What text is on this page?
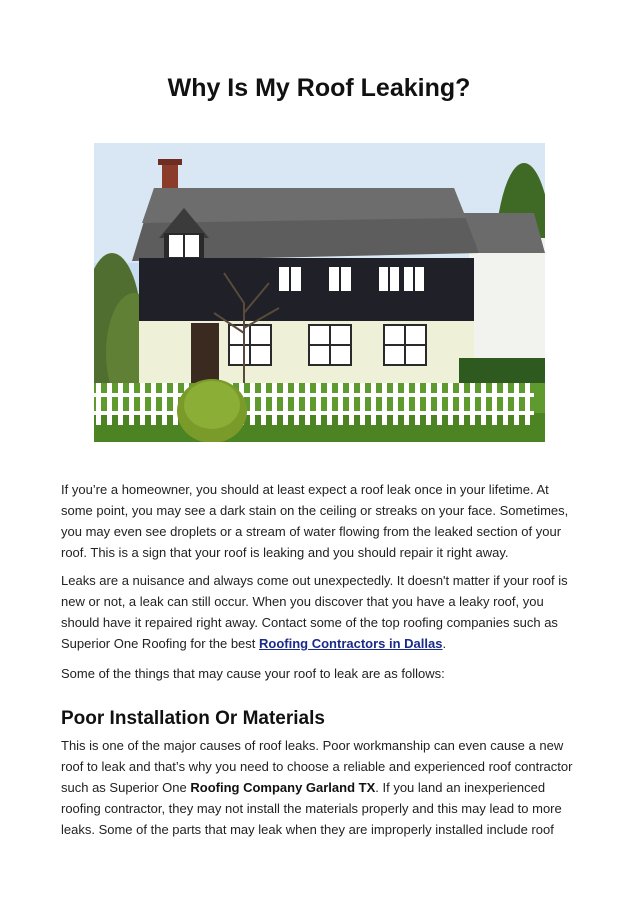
Why Is My Roof Leaking?

If you’re a homeowner, you should at least expect a roof leak once in your lifetime. At some point, you may see a dark stain on the ceiling or streaks on your face. Sometimes, you may even see droplets or a stream of water flowing from the leaked section of your roof. This is a sign that your roof is leaking and you should repair it right away.

Leaks are a nuisance and always come out unexpectedly. It doesn't matter if your roof is new or not, a leak can still occur. When you discover that you have a leaky roof, you should have it repaired right away. Contact some of the top roofing companies such as Superior One Roofing for the best Roofing Contractors in Dallas.

Some of the things that may cause your roof to leak are as follows:

Poor Installation Or Materials

This is one of the major causes of roof leaks. Poor workmanship can even cause a new roof to leak and that’s why you need to choose a reliable and experienced roof contractor such as Superior One Roofing Company Garland TX. If you land an inexperienced roofing contractor, they may not install the materials properly and this may lead to more leaks. Some of the parts that may leak when they are improperly installed include roof
